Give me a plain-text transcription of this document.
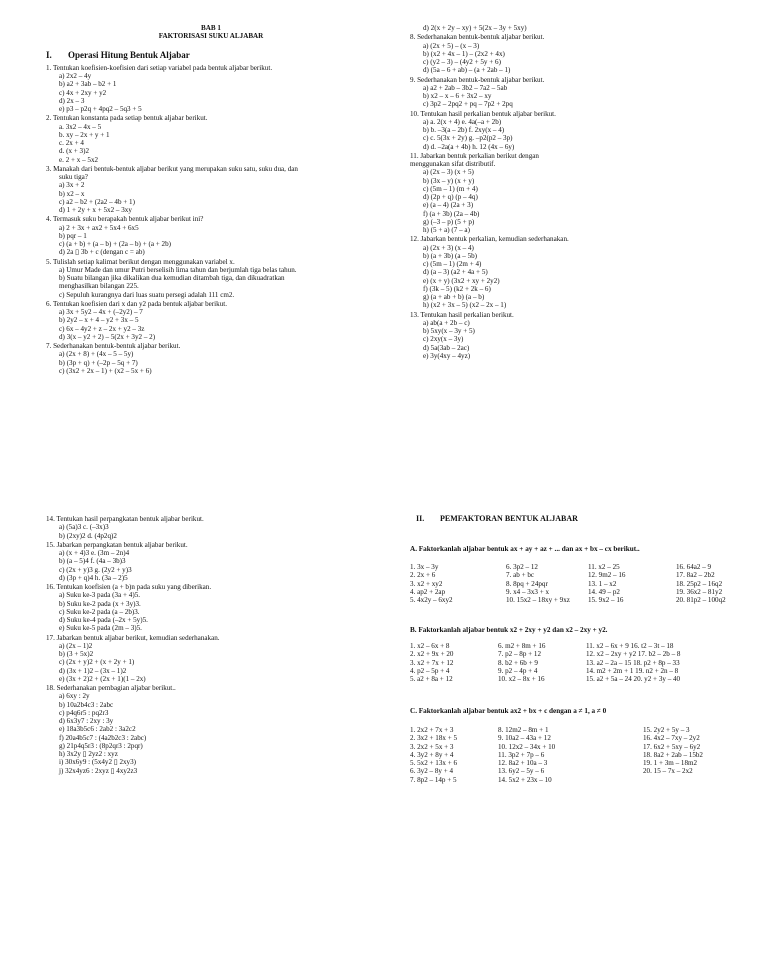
BAB 1
FAKTORISASI SUKU ALJABAR
I. Operasi Hitung Bentuk Aljabar
1. Tentukan koefisien-koefisien dari setiap variabel pada bentuk aljabar berikut.
a) 2x2 – 4y
b) a2 + 3ab – b2 + 1
c) 4x + 2xy + y2
d) 2x – 3
e) p3 – p2q + 4pq2 – 5q3 + 5
2. Tentukan konstanta pada setiap bentuk aljabar berikut.
a. 3x2 – 4x – 5
b. xy – 2x + y + 1
c. 2x + 4
d. (x + 3)2
e. 2 + x – 5x2
3. Manakah dari bentuk-bentuk aljabar berikut yang merupakan suku satu, suku dua, dan
suku tiga?
a) 3x + 2
b) x2 – x
c) a2 – b2 + (2a2 – 4b + 1)
d) 1 + 2y + x + 5x2 – 3xy
4. Termasuk suku berapakah bentuk aljabar berikut ini?
a) 2 + 3x + ax2 + 5x4 + 6x5
b) pqr – 1
c) (a + b) + (a – b) + (2a – b) + (a + 2b)
d) 2a ▯ 3b + c (dengan c = ab)
5. Tulislah setiap kalimat berikut dengan menggunakan variabel x.
a) Umur Made dan umur Putri berselisih lima tahun dan berjumlah tiga belas tahun.
b) Suatu bilangan jika dikalikan dua kemudian ditambah tiga, dan dikuadratkan
menghasilkan bilangan 225.
c) Sepuluh kurangnya dari luas suatu persegi adalah 111 cm2.
6. Tentukan koefisien dari x dan y2 pada bentuk aljabar berikut.
a) 3x + 5y2 – 4x + (–2y2) – 7
b) 2y2 – x + 4 – y2 + 3x – 5
c) 6x – 4y2 + z – 2x + y2 – 3z
d) 3(x – y2 + 2) – 5(2x + 3y2 – 2)
7. Sederhanakan bentuk-bentuk aljabar berikut.
a) (2x + 8) + (4x – 5 – 5y)
b) (3p + q) + (–2p – 5q + 7)
c) (3x2 + 2x – 1) + (x2 – 5x + 6)
d) 2(x + 2y – xy) + 5(2x – 3y + 5xy)
8. Sederhanakan bentuk-bentuk aljabar berikut.
a) (2x + 5) – (x – 3)
b) (x2 + 4x – 1) – (2x2 + 4x)
c) (y2 – 3) – (4y2 + 5y + 6)
d) (5a – 6 + ab) – (a + 2ab – 1)
9. Sederhanakan bentuk-bentuk aljabar berikut.
a) a2 + 2ab – 3b2 – 7a2 – 5ab
b) x2 – x – 6 + 3x2 – xy
c) 3p2 – 2pq2 + pq – 7p2 + 2pq
10. Tentukan hasil perkalian bentuk aljabar berikut.
a) a. 2(x + 4) e. 4a(–a + 2b)
b) b. –3(a – 2b) f. 2xy(x – 4)
c) c. 5(3x + 2y) g. –p2(p2 – 3p)
d) d. –2a(a + 4b) h. 12 (4x – 6y)
11. Jabarkan bentuk perkalian berikut dengan
menggunakan sifat distributif.
a) (2x – 3) (x + 5)
b) (3x – y) (x + y)
c) (5m – 1) (m + 4)
d) (2p + q) (p – 4q)
e) (a – 4) (2a + 3)
f) (a + 3b) (2a – 4b)
g) (–3 – p) (5 + p)
h) (5 + a) (7 – a)
12. Jabarkan bentuk perkalian, kemudian sederhanakan.
a) (2x + 3) (x – 4)
b) (a + 3b) (a – 5b)
c) (5m – 1) (2m + 4)
d) (a – 3) (a2 + 4a + 5)
e) (x + y) (3x2 + xy + 2y2)
f) (3k – 5) (k2 + 2k – 6)
g) (a + ab + b) (a – b)
h) (x2 + 3x – 5) (x2 – 2x – 1)
13. Tentukan hasil perkalian berikut.
a) ab(a + 2b – c)
b) 5xy(x – 3y + 5)
c) 2xy(x – 3y)
d) 5a(3ab – 2ac)
e) 3y(4xy – 4yz)
14. Tentukan hasil perpangkatan bentuk aljabar berikut.
a) (5a)3 c. (–3x)3
b) (2xy)2 d. (4p2q)2
15. Jabarkan perpangkatan bentuk aljabar berikut.
a) (x + 4)3 e. (3m – 2n)4
b) (a – 5)4 f. (4a – 3b)3
c) (2x + y)3 g. (2y2 + y)3
d) (3p + q)4 h. (3a – 2)5
16. Tentukan koefisien (a + b)n pada suku yang diberikan.
a) Suku ke-3 pada (3a + 4)5.
b) Suku ke-2 pada (x + 3y)3.
c) Suku ke-2 pada (a – 2b)3.
d) Suku ke-4 pada (–2x + 5y)5.
e) Suku ke-5 pada (2m – 3)5.
17. Jabarkan bentuk aljabar berikut, kemudian sederhanakan.
a) (2x – 1)2
b) (3 + 5x)2
c) (2x + y)2 + (x + 2y + 1)
d) (3x + 1)2 – (3x – 1)2
e) (3x + 2)2 + (2x + 1)(1 – 2x)
18. Sederhanakan pembagian aljabar berikut..
a) 6xy : 2y
b) 10a2b4c3 : 2abc
c) p4q6r5 : pq2r3
d) 6x3y7 : 2xy : 3y
e) 18a3b5c6 : 2ab2 : 3a2c2
f) 20a4b5c7 : (4a2b2c3 : 2abc)
g) 21p4q5r3 : (8p2qr3 : 2pqr)
h) 3x2y ▯ 2yz2 : xyz
i) 30x6y9 : (5x4y2 ▯ 2xy3)
j) 32x4yz6 : 2xyz ▯ 4xy2z3
II. PEMFAKTORAN BENTUK ALJABAR
A. Faktorkanlah aljabar bentuk ax + ay + az + ... dan ax + bx – cx berikut..
1. 3x – 3y	6. 3p2 – 12	11. x2 – 25	16. 64a2 – 9
2. 2x + 6	7. ab + bc	12. 9m2 – 16	17. 8a2 – 2b2
3. x2 + xy2	8. 8pq + 24pqr	13. 1 – x2	18. 25p2 – 16q2
4. ap2 + 2ap	9. x4 – 3x3 + x	14. 49 – p2	19. 36x2 – 81y2
5. 4x2y – 6xy2	10. 15x2 – 18xy + 9xz	15. 9x2 – 16	20. 81p2 – 100q2
B. Faktorkanlah aljabar bentuk x2 + 2xy + y2 dan x2 – 2xy + y2.
1. x2 – 6x + 8	6. m2 + 8m + 16	11. x2 – 6x + 9 16. t2 – 3t – 18
2. x2 + 9x + 20	7. p2 – 8p + 12	12. x2 – 2xy + y2 17. b2 – 2b – 8
3. x2 + 7x + 12	8. b2 + 6b + 9	13. a2 – 2a – 15 18. p2 + 8p – 33
4. p2 – 5p + 4	9. p2 – 4p + 4	14. m2 + 2m + 1 19. n2 + 2n – 8
5. a2 + 8a + 12	10. x2 – 8x + 16	15. a2 + 5a – 24 20. y2 + 3y – 40
C. Faktorkanlah aljabar bentuk ax2 + bx + c dengan a ≠ 1, a ≠ 0
1. 2x2 + 7x + 3	8. 12m2 – 8m + 1	15. 2y2 + 5y – 3
2. 3x2 + 18x + 5	9. 10a2 – 43a + 12	16. 4x2 – 7xy – 2y2
3. 2x2 + 5x + 3	10. 12x2 – 34x + 10	17. 6x2 + 5xy – 6y2
4. 3y2 + 8y + 4	11. 3p2 + 7p – 6	18. 8a2 + 2ab – 15b2
5. 5x2 + 13x + 6	12. 8a2 + 10a – 3	19. 1 + 3m – 18m2
6. 3y2 – 8y + 4	13. 6y2 – 5y – 6	20. 15 – 7x – 2x2
7. 8p2 – 14p + 5	14. 5x2 + 23x – 10
